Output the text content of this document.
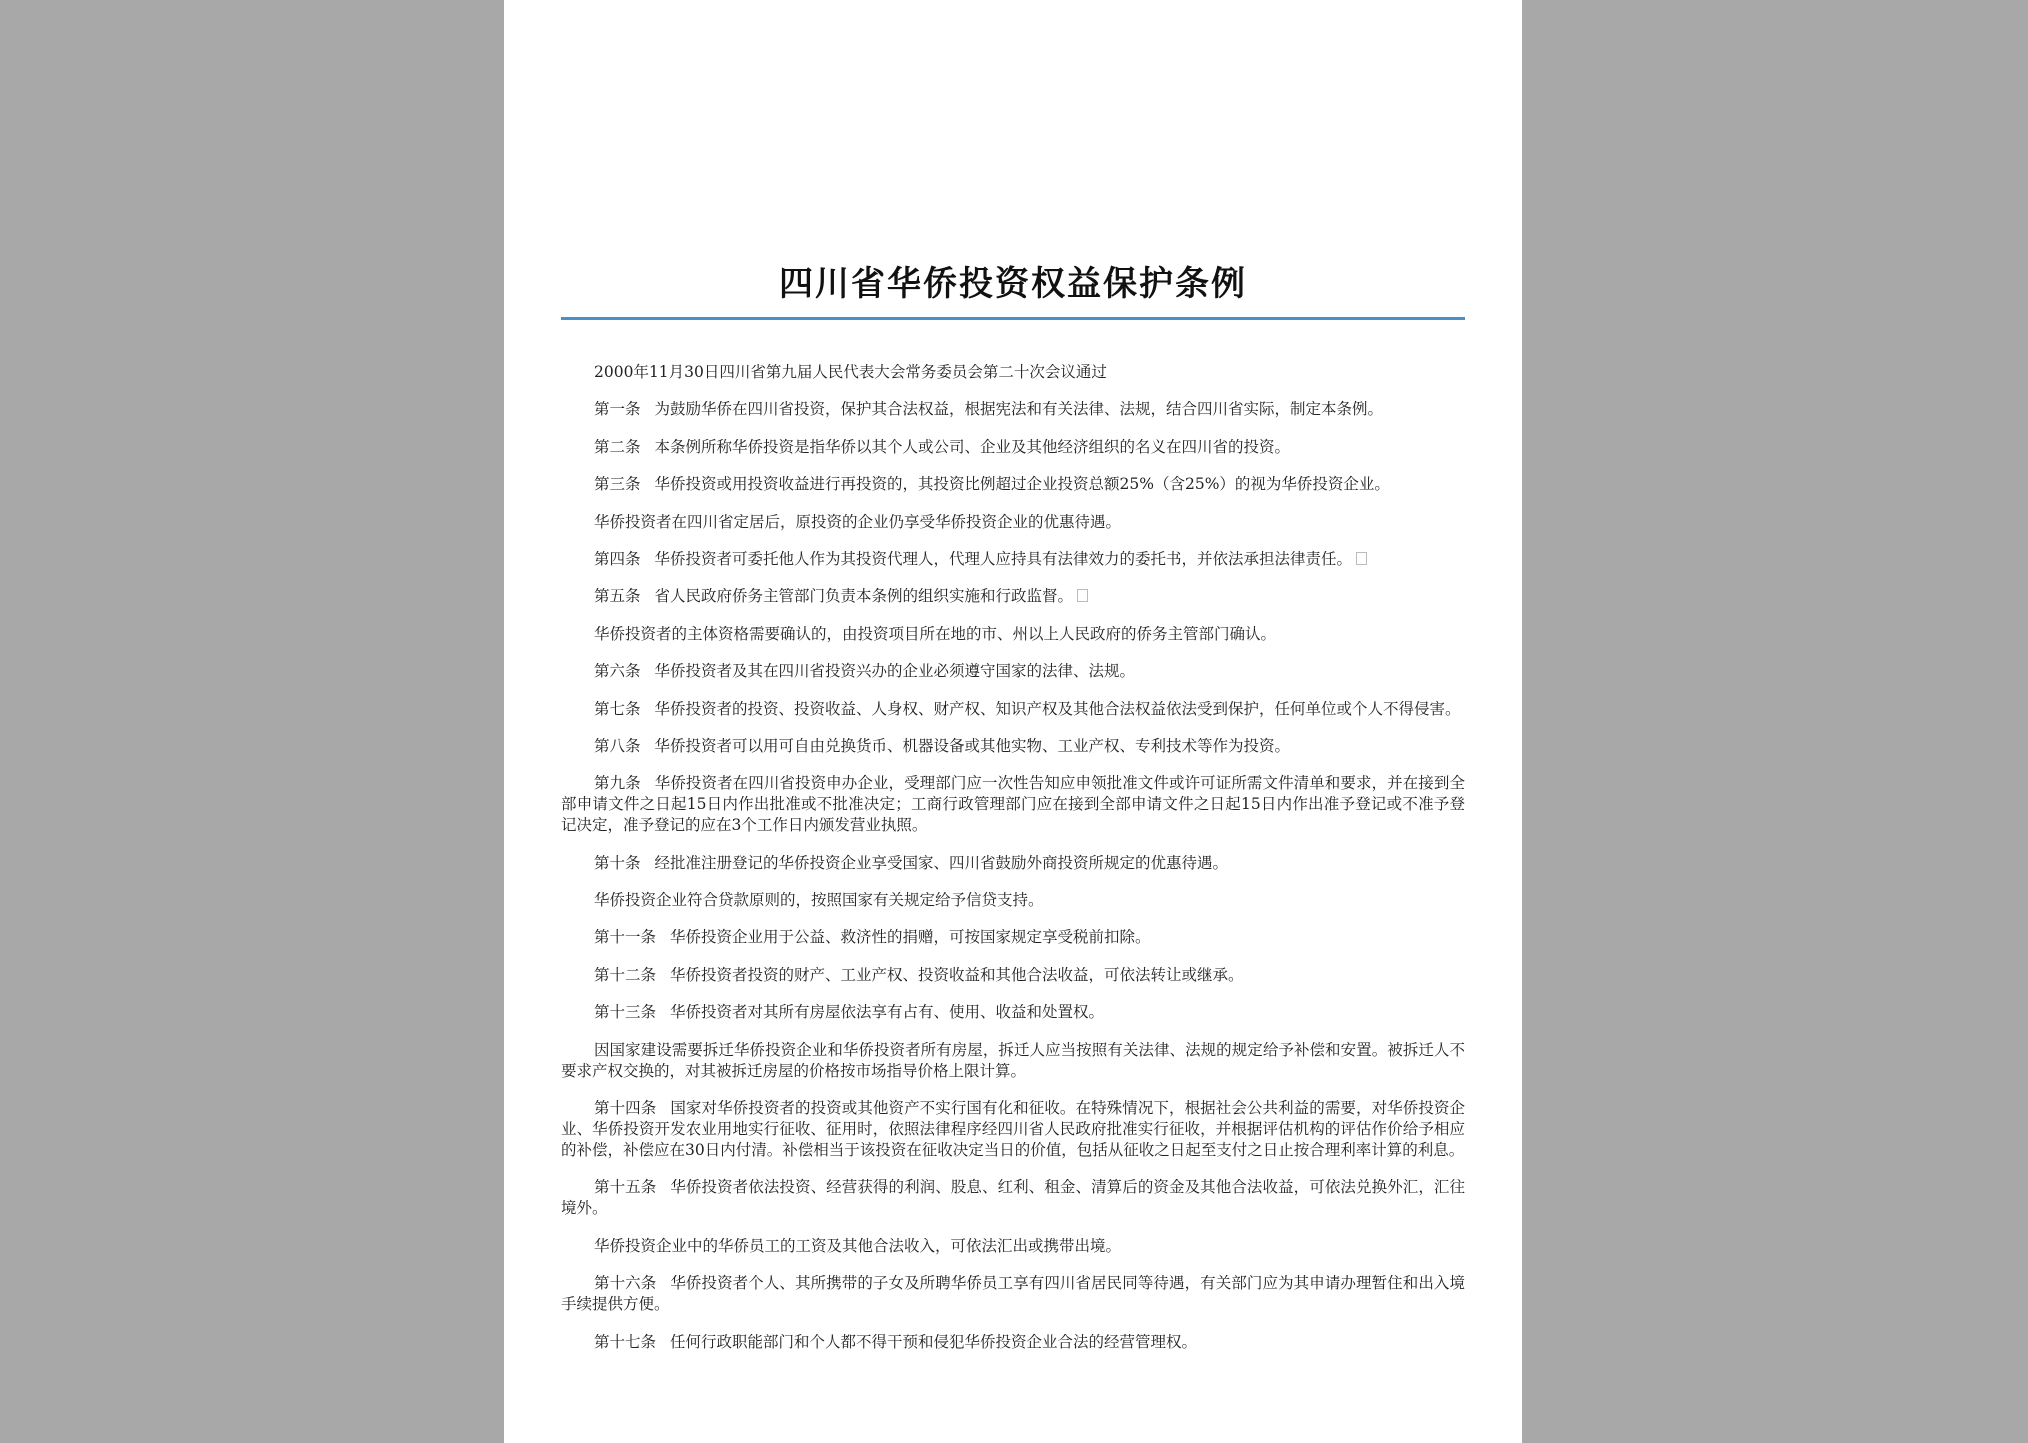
四川省华侨投资权益保护条例

2000年11月30日四川省第九届人民代表大会常务委员会第二十次会议通过

第一条 为鼓励华侨在四川省投资，保护其合法权益，根据宪法和有关法律、法规，结合四川省实际，制定本条例。

第二条 本条例所称华侨投资是指华侨以其个人或公司、企业及其他经济组织的名义在四川省的投资。

第三条 华侨投资或用投资收益进行再投资的，其投资比例超过企业投资总额25%（含25%）的视为华侨投资企业。

华侨投资者在四川省定居后，原投资的企业仍享受华侨投资企业的优惠待遇。

第四条 华侨投资者可委托他人作为其投资代理人，代理人应持具有法律效力的委托书，并依法承担法律责任。

第五条 省人民政府侨务主管部门负责本条例的组织实施和行政监督。

华侨投资者的主体资格需要确认的，由投资项目所在地的市、州以上人民政府的侨务主管部门确认。

第六条 华侨投资者及其在四川省投资兴办的企业必须遵守国家的法律、法规。

第七条 华侨投资者的投资、投资收益、人身权、财产权、知识产权及其他合法权益依法受到保护，任何单位或个人不得侵害。

第八条 华侨投资者可以用可自由兑换货币、机器设备或其他实物、工业产权、专利技术等作为投资。

第九条 华侨投资者在四川省投资申办企业，受理部门应一次性告知应申领批准文件或许可证所需文件清单和要求，并在接到全部申请文件之日起15日内作出批准或不批准决定；工商行政管理部门应在接到全部申请文件之日起15日内作出准予登记或不准予登记决定，准予登记的应在3个工作日内颁发营业执照。

第十条 经批准注册登记的华侨投资企业享受国家、四川省鼓励外商投资所规定的优惠待遇。

华侨投资企业符合贷款原则的，按照国家有关规定给予信贷支持。

第十一条 华侨投资企业用于公益、救济性的捐赠，可按国家规定享受税前扣除。

第十二条 华侨投资者投资的财产、工业产权、投资收益和其他合法收益，可依法转让或继承。

第十三条 华侨投资者对其所有房屋依法享有占有、使用、收益和处置权。

因国家建设需要拆迁华侨投资企业和华侨投资者所有房屋，拆迁人应当按照有关法律、法规的规定给予补偿和安置。被拆迁人不要求产权交换的，对其被拆迁房屋的价格按市场指导价格上限计算。

第十四条 国家对华侨投资者的投资或其他资产不实行国有化和征收。在特殊情况下，根据社会公共利益的需要，对华侨投资企业、华侨投资开发农业用地实行征收、征用时，依照法律程序经四川省人民政府批准实行征收，并根据评估机构的评估作价给予相应的补偿，补偿应在30日内付清。补偿相当于该投资在征收决定当日的价值，包括从征收之日起至支付之日止按合理利率计算的利息。

第十五条 华侨投资者依法投资、经营获得的利润、股息、红利、租金、清算后的资金及其他合法收益，可依法兑换外汇，汇往境外。

华侨投资企业中的华侨员工的工资及其他合法收入，可依法汇出或携带出境。

第十六条 华侨投资者个人、其所携带的子女及所聘华侨员工享有四川省居民同等待遇，有关部门应为其申请办理暂住和出入境手续提供方便。

第十七条 任何行政职能部门和个人都不得干预和侵犯华侨投资企业合法的经营管理权。
